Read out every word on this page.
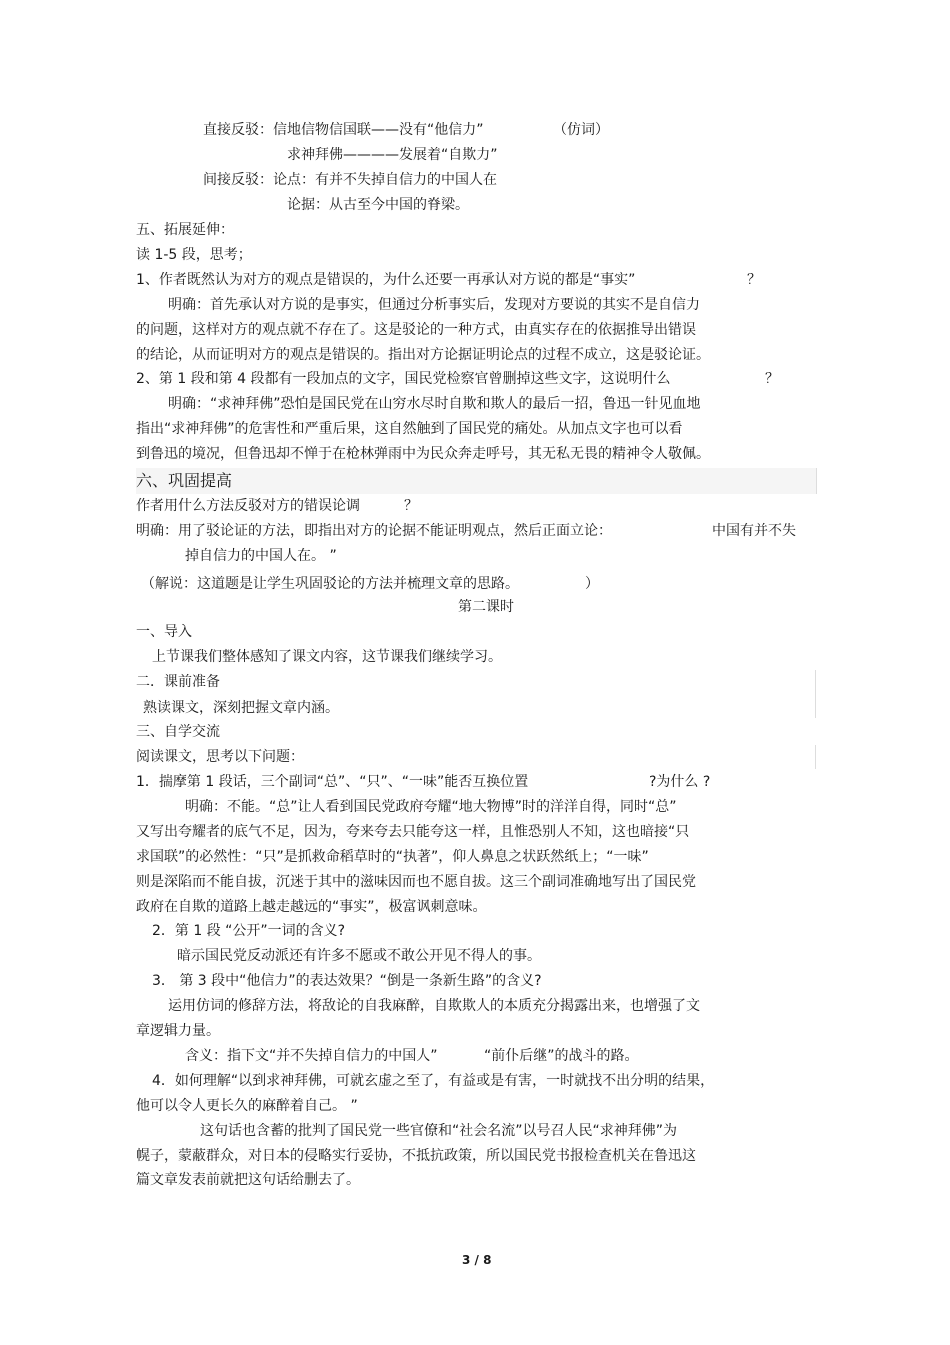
直接反驳：信地信物信国联——没有“他信力”	（仿词）
求神拜佛————发展着“自欺力”
间接反驳：论点：有并不失掉自信力的中国人在
论据：从古至今中国的脊梁。
五、拓展延伸：
读 1-5 段，思考；
1、作者既然认为对方的观点是错误的，为什么还要一再承认对方说的都是“事实”	？
明确：首先承认对方说的是事实，但通过分析事实后，发现对方要说的其实不是自信力
的问题，这样对方的观点就不存在了。这是驳论的一种方式，由真实存在的依据推导出错误
的结论，从而证明对方的观点是错误的。指出对方论据证明论点的过程不成立，这是驳论证。
2、第 1 段和第 4 段都有一段加点的文字，国民党检察官曾删掉这些文字，这说明什么	？
明确：“求神拜佛”恐怕是国民党在山穷水尽时自欺和欺人的最后一招，鲁迅一针见血地
指出“求神拜佛”的危害性和严重后果，这自然触到了国民党的痛处。从加点文字也可以看
到鲁迅的境况，但鲁迅却不惮于在枪林弹雨中为民众奔走呼号，其无私无畏的精神令人敬佩。
六、巩固提高
作者用什么方法反驳对方的错误论调	？
明确：用了驳论证的方法，即指出对方的论据不能证明观点，然后正面立论：	中国有并不失
掉自信力的中国人在。 ”
（解说：这道题是让学生巩固驳论的方法并梳理文章的思路。	）
第二课时
一、导入
上节课我们整体感知了课文内容，这节课我们继续学习。
二．课前准备
熟读课文，深刻把握文章内涵。
三、自学交流
阅读课文，思考以下问题：
1．揣摩第 1 段话，三个副词“总”、“只”、“一味”能否互换位置	?为什么 ?
明确：不能。“总”让人看到国民党政府夸耀“地大物博”时的洋洋自得，同时“总”
又写出夸耀者的底气不足，因为，夸来夸去只能夸这一样，且惟恐别人不知，这也暗接“只
求国联”的必然性：“只”是抓救命稻草时的“执著”，仰人鼻息之状跃然纸上；“一味”
则是深陷而不能自拔，沉迷于其中的滋味因而也不愿自拔。这三个副词准确地写出了国民党
政府在自欺的道路上越走越远的“事实”，极富讽刺意味。
2．第 1 段 “公开”一词的含义?
暗示国民党反动派还有许多不愿或不敢公开见不得人的事。
3． 第 3 段中“他信力”的表达效果？“倒是一条新生路”的含义?
运用仿词的修辞方法，将敌论的自我麻醉，自欺欺人的本质充分揭露出来，也增强了文
章逻辑力量。
含义：指下文“并不失掉自信力的中国人”	“前仆后继”的战斗的路。
4．如何理解“以到求神拜佛，可就玄虚之至了，有益或是有害，一时就找不出分明的结果，
他可以令人更长久的麻醉着自己。 ”
这句话也含蓄的批判了国民党一些官僚和“社会名流”以号召人民“求神拜佛”为
幌子，蒙蔽群众，对日本的侵略实行妥协，不抵抗政策，所以国民党书报检查机关在鲁迅这
篇文章发表前就把这句话给删去了。
3 / 8
